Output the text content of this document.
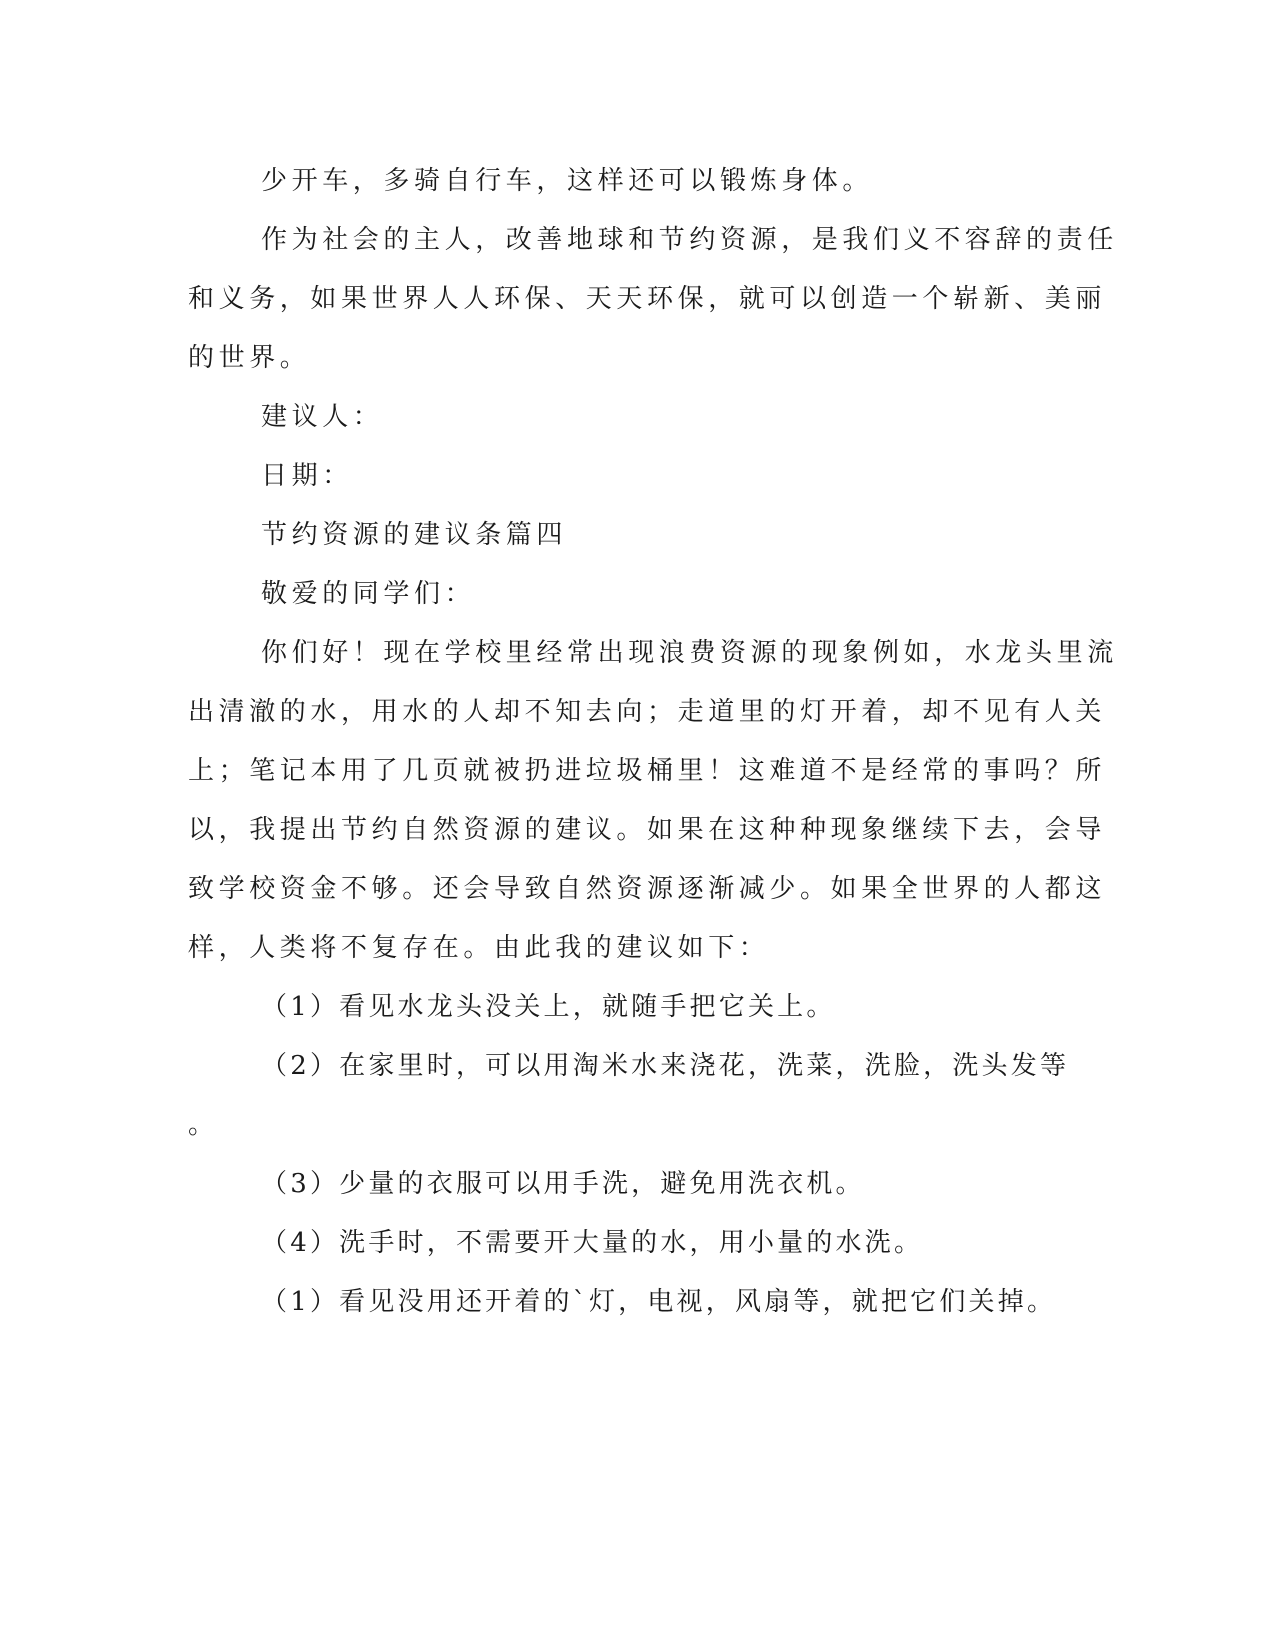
少开车，多骑自行车，这样还可以锻炼身体。
作为社会的主人，改善地球和节约资源，是我们义不容辞的责任
和义务，如果世界人人环保、天天环保，就可以创造一个崭新、美丽
的世界。
建议人：
日期：
节约资源的建议条篇四
敬爱的同学们：
你们好！现在学校里经常出现浪费资源的现象例如，水龙头里流
出清澈的水，用水的人却不知去向；走道里的灯开着，却不见有人关
上；笔记本用了几页就被扔进垃圾桶里！这难道不是经常的事吗？所
以，我提出节约自然资源的建议。如果在这种种现象继续下去，会导
致学校资金不够。还会导致自然资源逐渐减少。如果全世界的人都这
样，人类将不复存在。由此我的建议如下：
（1）看见水龙头没关上，就随手把它关上。
（2）在家里时，可以用淘米水来浇花，洗菜，洗脸，洗头发等
。
（3）少量的衣服可以用手洗，避免用洗衣机。
（4）洗手时，不需要开大量的水，用小量的水洗。
（1）看见没用还开着的`灯，电视，风扇等，就把它们关掉。
